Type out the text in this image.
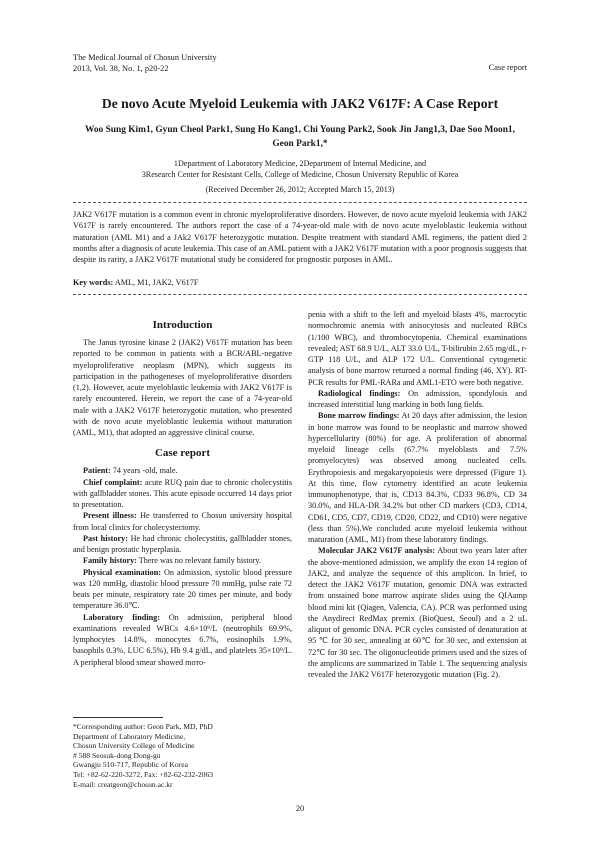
The Medical Journal of Chosun University
2013, Vol. 38, No. 1, p20-22	Case report
De novo Acute Myeloid Leukemia with JAK2 V617F: A Case Report
Woo Sung Kim1, Gyun Cheol Park1, Sung Ho Kang1, Chi Young Park2, Sook Jin Jang1,3, Dae Soo Moon1, Geon Park1,*
1Department of Laboratory Medicine, 2Department of Internal Medicine, and
3Research Center for Resistant Cells, College of Medicine, Chosun University Republic of Korea
(Received December 26, 2012; Accepted March 15, 2013)
JAK2 V617F mutation is a common event in chronic myeloproliferative disorders. However, de novo acute myeloid leukemia with JAK2 V617F is rarely encountered. The authors report the case of a 74-year-old male with de novo acute myeloblastic leukemia without maturation (AML M1) and a JAk2 V617F heterozygotic mutation. Despite treatment with standard AML regimens, the patient died 2 months after a diagnosis of acute leukemia. This case of an AML patient with a JAK2 V617F mutation with a poor prognosis suggests that despite its rarity, a JAK2 V617F mutational study be considered for prognostic purposes in AML.
Key words: AML, M1, JAK2, V617F
Introduction

The Janus tyrosine kinase 2 (JAK2) V617F mutation has been reported to be common in patients with a BCR/ABL-negative myeloproliferative neoplasm (MPN), which suggests its participation in the pathogeneses of myeloproliferative disorders (1,2). However, acute myeloblastic leukemia with JAK2 V617F is rarely encountered. Herein, we report the case of a 74-year-old male with a JAK2 V617F heterozygotic mutation, who presented with de novo acute myeloblastic leukemia without maturation (AML, M1), that adopted an aggressive clinical course.

Case report

Patient: 74 years -old, male.

Chief complaint: acute RUQ pain due to chronic cholecystitis with gallbladder stones. This acute episode occurred 14 days prior to presentation.

Present illness: He transferred to Chosun university hospital from local clinics for cholecystectomy.

Past history: He had chronic cholecystitis, gallbladder stones, and benign prostatic hyperplasia.

Family history: There was no relevant family history.

Physical examination: On admission, systolic blood pressure was 120 mmHg, diastolic blood pressure 70 mmHg, pulse rate 72 beats per minute, respiratory rate 20 times per minute, and body temperature 36.0℃.

Laboratory finding: On admission, peripheral blood examinations revealed WBCs 4.6×10⁹/L (neutrophils 69.9%, lymphocytes 14.8%, monocytes 6.7%, eosinophils 1.9%, basophils 0.3%, LUC 6.5%), Hb 9.4 g/dL, and platelets 35×10⁹/L. A peripheral blood smear showed moто-

*Corresponding author: Geon Park, MD, PhD
Department of Laboratory Medicine,
Chosun University College of Medicine
# 588 Seosuk-dong Dong-gu
Gwangju 510-717, Republic of Korea
Tel: +82-62-220-3272, Fax: +82-62-232-2063
E-mail: creatgeon@chosun.ac.kr

penia with a shift to the left and myeloid blasts 4%, macrocytic normochromic anemia with anisocytosis and nucleated RBCs (1/100 WBC), and thrombocytopenia. Chemical examinations revealed; AST 68.9 U/L, ALT 33.0 U/L, T-bilirubin 2.65 mg/dL, r-GTP 118 U/L, and ALP 172 U/L. Conventional cytogenetic analysis of bone marrow returned a normal finding (46, XY). RT-PCR results for PML-RARa and AML1-ETO were both negative.

Radiological findings: On admission, spondylosis and increased interstitial lung marking in both lung fields.

Bone marrow findings: At 20 days after admission, the lesion in bone marrow was found to be neoplastic and marrow showed hypercellularity (80%) for age. A proliferation of abnormal myeloid lineage cells (67.7% myeloblasts and 7.5% promyelocytes) was observed among nucleated cells. Erythropoiesis and megakaryopoiesis were depressed (Figure 1). At this time, flow cytometry identified an acute leukemia immunophenotype, that is, CD13 84.3%, CD33 96.8%, CD 34 30.0%, and HLA-DR 34.2% but other CD markers (CD3, CD14, CD61, CD5, CD7, CD19, CD20, CD22, and CD10) were negative (less than 5%).We concluded acute myeloid leukemia without maturation (AML, M1) from these laboratory findings.

Molecular JAK2 V617F analysis: About two years later after the above-mentioned admission, we amplify the exon 14 region of JAK2, and analyze the sequence of this amplicon. In brief, to detect the JAK2 V617F mutation, genomic DNA was extracted from unstained bone marrow aspirate slides using the QIAamp blood mini kit (Qiagen, Valencia, CA). PCR was performed using the Anydirect RedMax premix (BioQuest, Seoul) and a 2 uL aliquot of genomic DNA. PCR cycles consisted of denaturation at 95 ℃ for 30 sec, annealing at 60℃ for 30 sec, and extension at 72℃ for 30 sec. The oligonucleotide primers used and the sizes of the amplicons are summarized in Table 1. The sequencing analysis revealed the JAK2 V617F heterozygotic mutation (Fig. 2).

20
